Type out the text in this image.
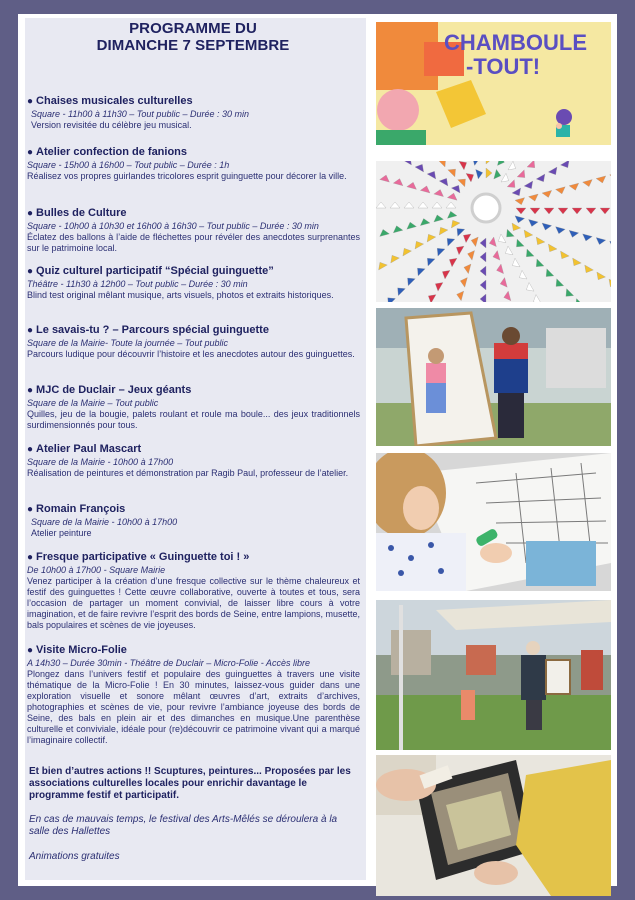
PROGRAMME DU
DIMANCHE 7 SEPTEMBRE
● Chaises musicales culturelles

Square - 11h00 à 11h30 – Tout public – Durée : 30 min

Version revisitée du célèbre jeu musical.

● Atelier confection de fanions

Square - 15h00 à 16h00 – Tout public – Durée : 1h

Réalisez vos propres guirlandes tricolores esprit guinguette pour décorer la ville.

● Bulles de Culture

Square - 10h00 à 10h30 et 16h00 à 16h30 – Tout public – Durée : 30 min

Éclatez des ballons à l’aide de fléchettes pour révéler des anecdotes surprenantes sur le patrimoine local.

● Quiz culturel participatif “Spécial guinguette”

Théâtre - 11h30 à 12h00 – Tout public – Durée : 30 min

Blind test original mêlant musique, arts visuels, photos et extraits historiques.

● Le savais-tu ? – Parcours spécial guinguette

Square de la Mairie- Toute la journée – Tout public

Parcours ludique pour découvrir l’histoire et les anecdotes autour des guinguettes.

● MJC de Duclair – Jeux géants

Square de la Mairie – Tout public

Quilles, jeu de la bougie, palets roulant et roule ma boule... des jeux traditionnels surdimensionnés pour tous.

● Atelier Paul Mascart

Square de la Mairie - 10h00 à 17h00

Réalisation de peintures et démonstration par Ragib Paul, professeur de l’atelier.

● Romain François

Square de la Mairie - 10h00 à 17h00

Atelier peinture

● Fresque participative « Guinguette toi ! »

De 10h00 à 17h00 - Square Mairie

Venez participer à la création d’une fresque collective sur le thème chaleureux et festif des guinguettes ! Cette œuvre collaborative, ouverte à toutes et tous, sera l’occasion de partager un moment convivial, de laisser libre cours à votre imagination, et de faire revivre l’esprit des bords de Seine, entre lampions, musette, bals populaires et scènes de vie joyeuses.

● Visite Micro-Folie

A 14h30 – Durée 30min - Théâtre de Duclair – Micro-Folie - Accès libre

Plongez dans l’univers festif et populaire des guinguettes à travers une visite thématique de la Micro-Folie ! En 30 minutes, laissez-vous guider dans une exploration visuelle et sonore mêlant œuvres d’art, extraits d’archives, photographies et scènes de vie, pour revivre l’ambiance joyeuse des bords de Seine, des bals en plein air et des dimanches en musique.Une parenthèse culturelle et conviviale, idéale pour (re)découvrir ce patrimoine vivant qui a marqué l’imaginaire collectif.

Et bien d’autres actions !! Scuptures, peintures... Proposées par les associations culturelles locales pour enrichir davantage le programme festif et participatif.
En cas de mauvais temps, le festival des Arts-Mêlés se déroulera à la salle des Hallettes
Animations gratuites
CHAMBOULE
-TOUT!
